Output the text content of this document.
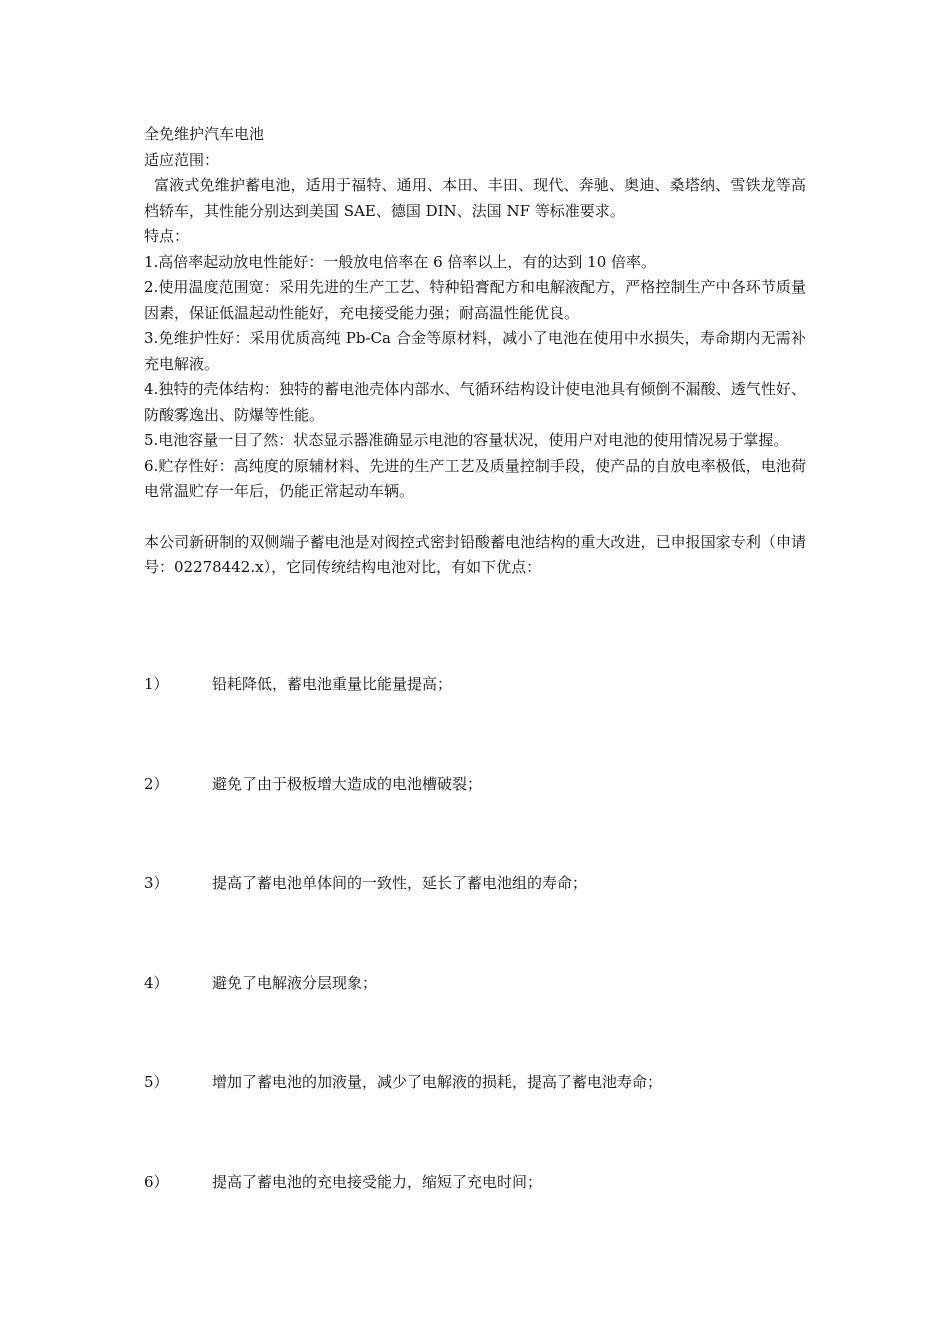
全免维护汽车电池

适应范围：

富液式免维护蓄电池，适用于福特、通用、本田、丰田、现代、奔驰、奥迪、桑塔纳、雪铁龙等高档轿车，其性能分别达到美国 SAE、德国 DIN、法国 NF 等标准要求。

特点：

1.高倍率起动放电性能好：一般放电倍率在 6 倍率以上，有的达到 10 倍率。

2.使用温度范围宽：采用先进的生产工艺、特种铅膏配方和电解液配方，严格控制生产中各环节质量因素，保证低温起动性能好，充电接受能力强；耐高温性能优良。

3.免维护性好：采用优质高纯 Pb-Ca 合金等原材料，减小了电池在使用中水损失，寿命期内无需补充电解液。

4.独特的壳体结构：独特的蓄电池壳体内部水、气循环结构设计使电池具有倾倒不漏酸、透气性好、防酸雾逸出、防爆等性能。

5.电池容量一目了然：状态显示器准确显示电池的容量状况，使用户对电池的使用情况易于掌握。

6.贮存性好：高纯度的原辅材料、先进的生产工艺及质量控制手段，使产品的自放电率极低，电池荷电常温贮存一年后，仍能正常起动车辆。

本公司新研制的双侧端子蓄电池是对阀控式密封铅酸蓄电池结构的重大改进，已申报国家专利（申请号：02278442.x），它同传统结构电池对比，有如下优点：

1）	铅耗降低，蓄电池重量比能量提高；
2）	避免了由于极板增大造成的电池槽破裂；
3）	提高了蓄电池单体间的一致性，延长了蓄电池组的寿命；
4）	避免了电解液分层现象；
5）	增加了蓄电池的加液量，减少了电解液的损耗，提高了蓄电池寿命；
6）	提高了蓄电池的充电接受能力，缩短了充电时间；
